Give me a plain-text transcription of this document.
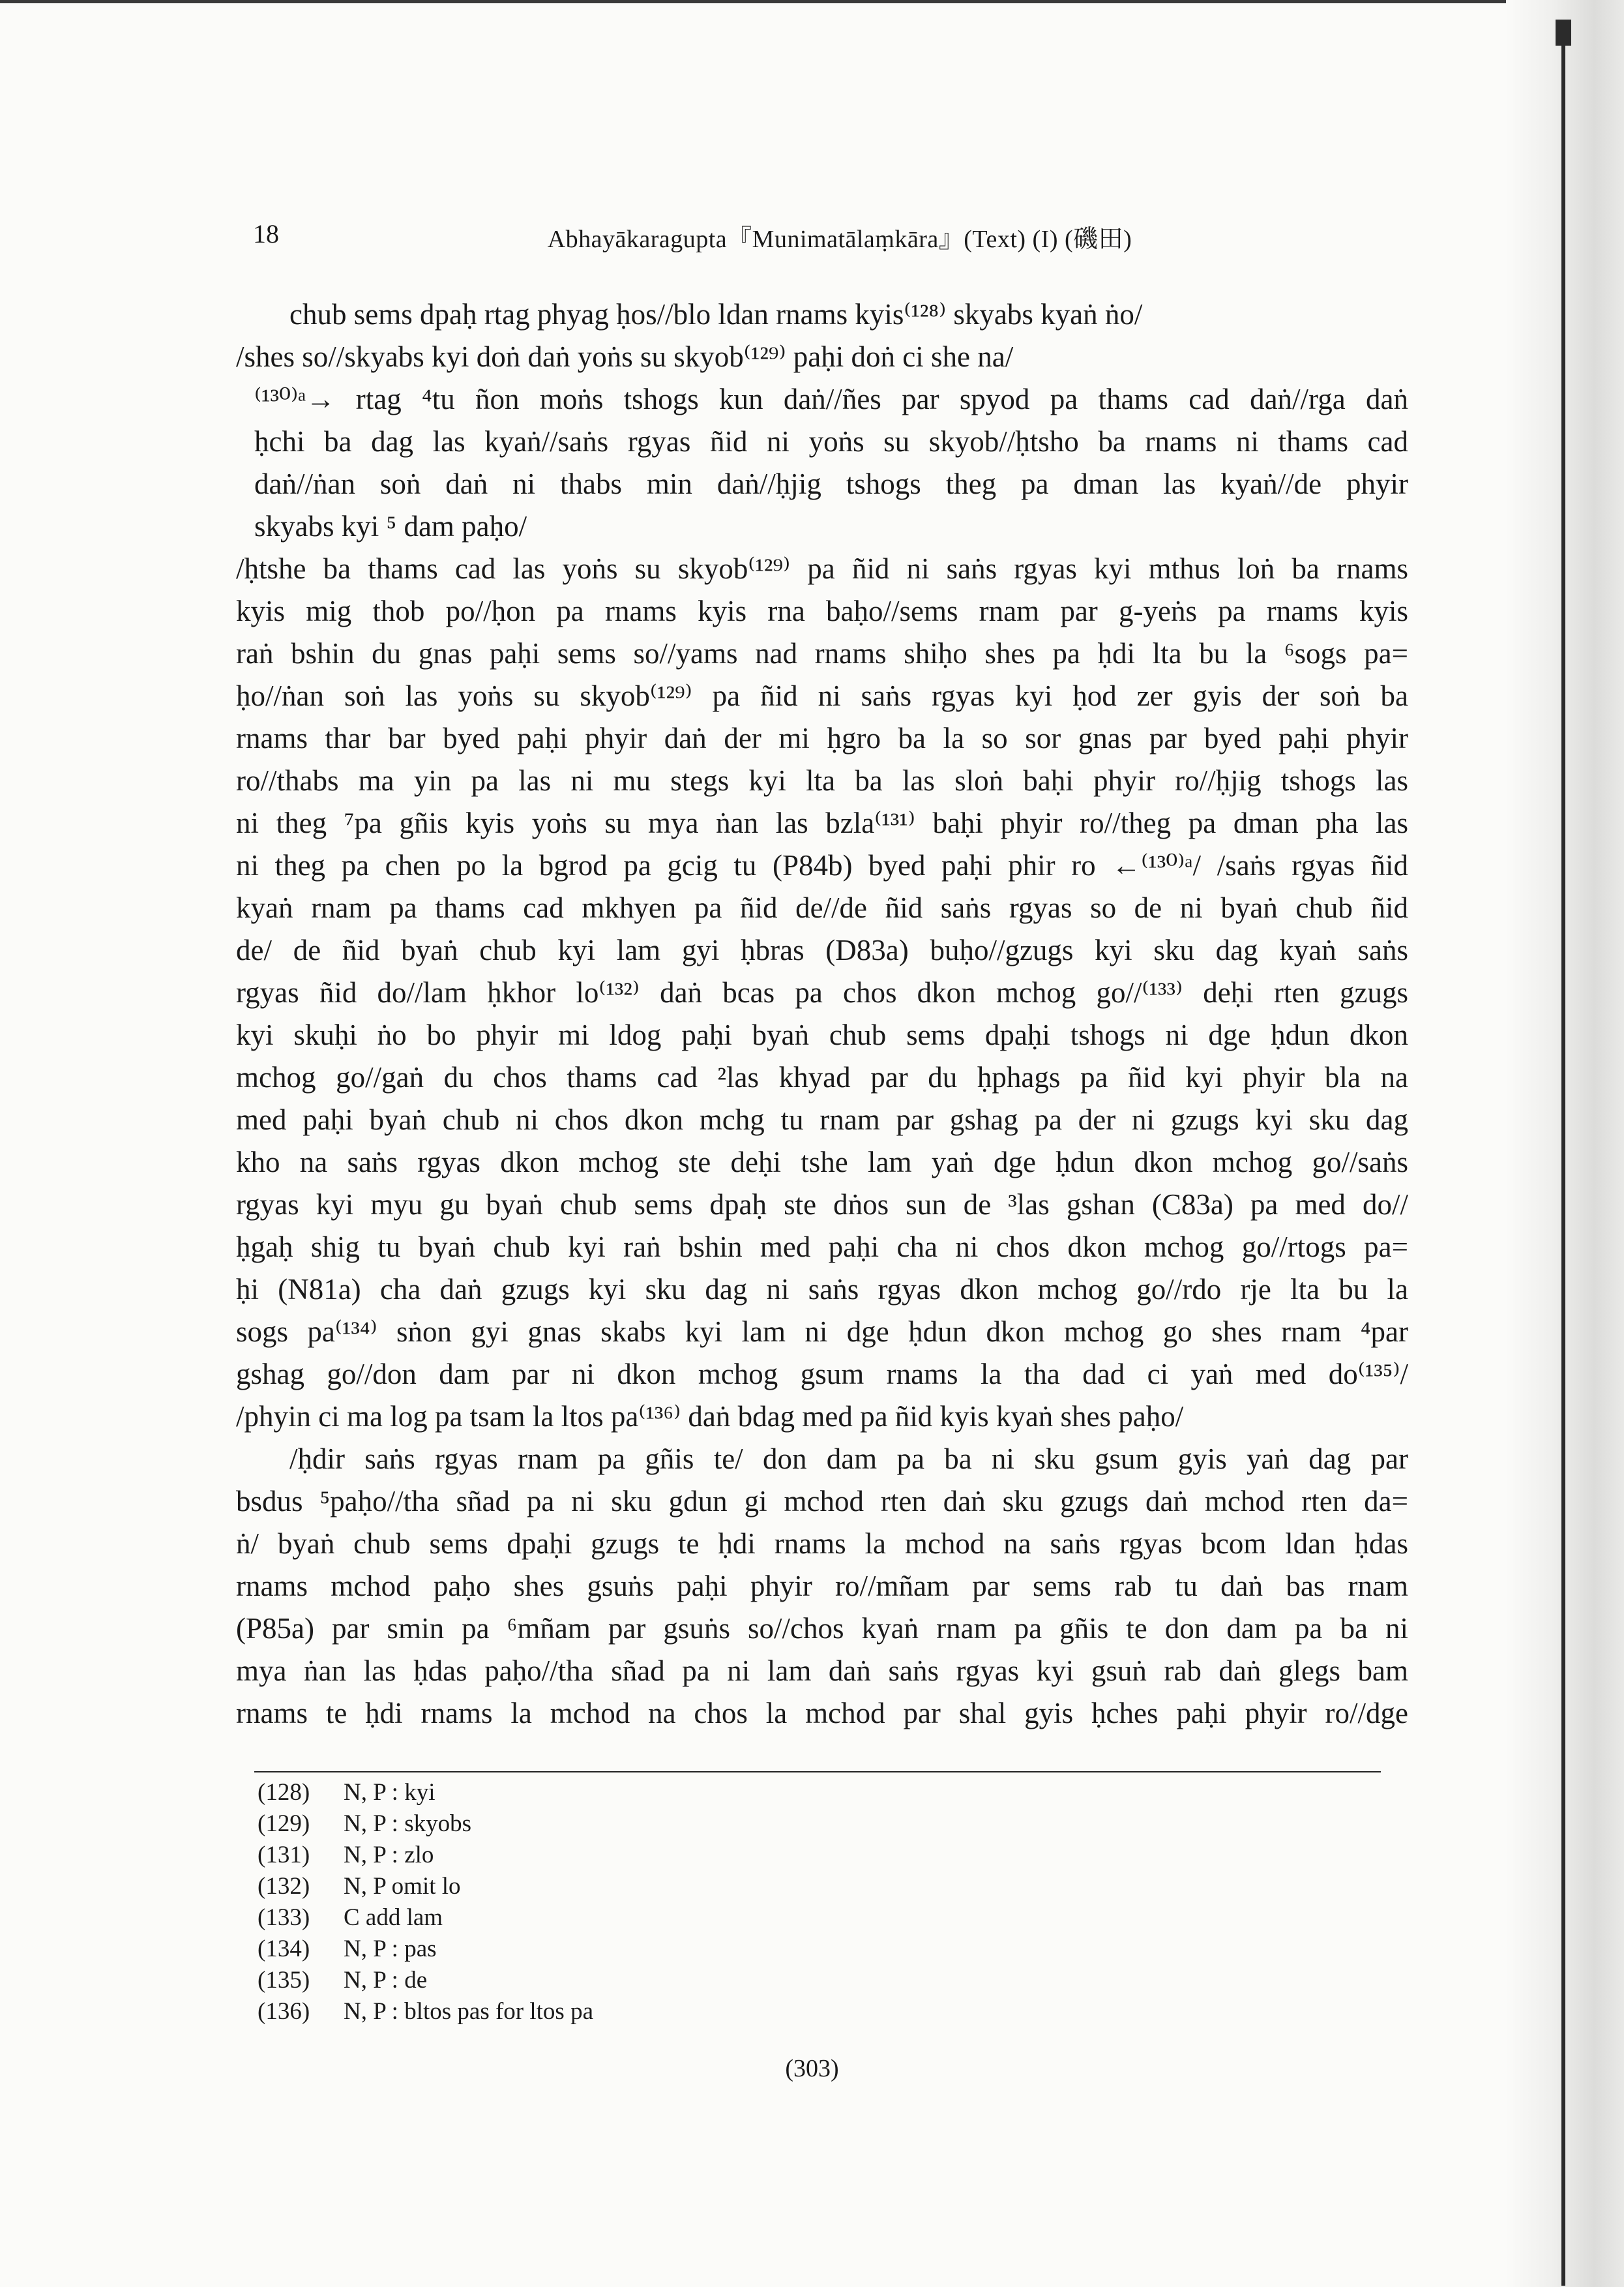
18	Abhayākaragupta『Munimatālaṃkāra』(Text) (I) (磯田)
chub sems dpaḥ rtag phyag ḥos//blo ldan rnams kyis⁽¹²⁸⁾ skyabs kyaṅ ṅo/
/shes so//skyabs kyi doṅ daṅ yoṅs su skyob⁽¹²⁹⁾ paḥi doṅ ci she na/
⁽¹³⁰⁾ᵃ→ rtag ⁴tu ñon moṅs tshogs kun daṅ//ñes par spyod pa thams cad daṅ//rga daṅ
ḥchi ba dag las kyaṅ//saṅs rgyas ñid ni yoṅs su skyob//ḥtsho ba rnams ni thams cad
daṅ//ṅan soṅ daṅ ni thabs min daṅ//ḥjig tshogs theg pa dman las kyaṅ//de phyir
skyabs kyi ⁵ dam paḥo/
/ḥtshe ba thams cad las yoṅs su skyob⁽¹²⁹⁾ pa ñid ni saṅs rgyas kyi mthus loṅ ba rnams
kyis mig thob po//ḥon pa rnams kyis rna baḥo//sems rnam par g-yeṅs pa rnams kyis
raṅ bshin du gnas paḥi sems so//yams nad rnams shiḥo shes pa ḥdi lta bu la ⁶sogs pa=
ḥo//ṅan soṅ las yoṅs su skyob⁽¹²⁹⁾ pa ñid ni saṅs rgyas kyi ḥod zer gyis der soṅ ba
rnams thar bar byed paḥi phyir daṅ der mi ḥgro ba la so sor gnas par byed paḥi phyir
ro//thabs ma yin pa las ni mu stegs kyi lta ba las sloṅ baḥi phyir ro//ḥjig tshogs las
ni theg ⁷pa gñis kyis yoṅs su mya ṅan las bzla⁽¹³¹⁾ baḥi phyir ro//theg pa dman pha las
ni theg pa chen po la bgrod pa gcig tu (P84b) byed paḥi phir ro ←⁽¹³⁰⁾ᵃ/ /saṅs rgyas ñid
kyaṅ rnam pa thams cad mkhyen pa ñid de//de ñid saṅs rgyas so de ni byaṅ chub ñid
de/ de ñid byaṅ chub kyi lam gyi ḥbras (D83a) buḥo//gzugs kyi sku dag kyaṅ saṅs
rgyas ñid do//lam ḥkhor lo⁽¹³²⁾ daṅ bcas pa chos dkon mchog go//⁽¹³³⁾ deḥi rten gzugs
kyi skuḥi ṅo bo phyir mi ldog paḥi byaṅ chub sems dpaḥi tshogs ni dge ḥdun dkon
mchog go//gaṅ du chos thams cad ²las khyad par du ḥphags pa ñid kyi phyir bla na
med paḥi byaṅ chub ni chos dkon mchg tu rnam par gshag pa der ni gzugs kyi sku dag
kho na saṅs rgyas dkon mchog ste deḥi tshe lam yaṅ dge ḥdun dkon mchog go//saṅs
rgyas kyi myu gu byaṅ chub sems dpaḥ ste dṅos sun de ³las gshan (C83a) pa med do//
ḥgaḥ shig tu byaṅ chub kyi raṅ bshin med paḥi cha ni chos dkon mchog go//rtogs pa=
ḥi (N81a) cha daṅ gzugs kyi sku dag ni saṅs rgyas dkon mchog go//rdo rje lta bu la
sogs pa⁽¹³⁴⁾ sṅon gyi gnas skabs kyi lam ni dge ḥdun dkon mchog go shes rnam ⁴par
gshag go//don dam par ni dkon mchog gsum rnams la tha dad ci yaṅ med do⁽¹³⁵⁾/
/phyin ci ma log pa tsam la ltos pa⁽¹³⁶⁾ daṅ bdag med pa ñid kyis kyaṅ shes paḥo/
/ḥdir saṅs rgyas rnam pa gñis te/ don dam pa ba ni sku gsum gyis yaṅ dag par
bsdus ⁵paḥo//tha sñad pa ni sku gdun gi mchod rten daṅ sku gzugs daṅ mchod rten da=
ṅ/ byaṅ chub sems dpaḥi gzugs te ḥdi rnams la mchod na saṅs rgyas bcom ldan ḥdas
rnams mchod paḥo shes gsuṅs paḥi phyir ro//mñam par sems rab tu daṅ bas rnam
(P85a) par smin pa ⁶mñam par gsuṅs so//chos kyaṅ rnam pa gñis te don dam pa ba ni
mya ṅan las ḥdas paḥo//tha sñad pa ni lam daṅ saṅs rgyas kyi gsuṅ rab daṅ glegs bam
rnams te ḥdi rnams la mchod na chos la mchod par shal gyis ḥches paḥi phyir ro//dge
(128) N, P : kyi
(129) N, P : skyobs
(131) N, P : zlo
(132) N, P omit lo
(133) C add lam
(134) N, P : pas
(135) N, P : de
(136) N, P : bltos pas for ltos pa
(303)
